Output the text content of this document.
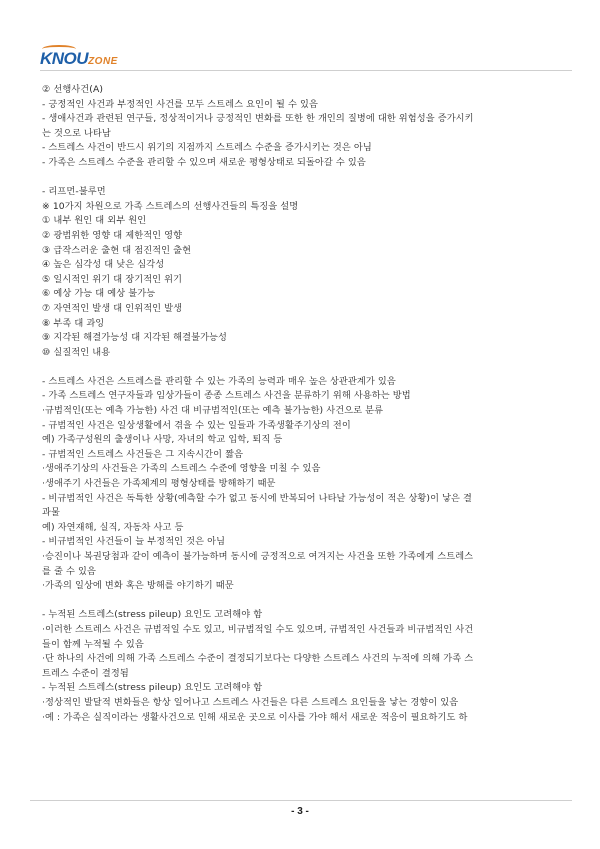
KNOUZONE
② 선행사건(A)
- 긍정적인 사건과 부정적인 사건를 모두 스트레스 요인이 될 수 있음
- 생애사건과 관련된 연구들, 정상적이거나 긍정적인 변화를 또한 한 개인의 질병에 대한 위험성을 증가시키
는 것으로 나타남
- 스트레스 사건이 반드시 위기의 지점까지 스트레스 수준을 증가시키는 것은 아님
- 가족은 스트레스 수준을 관리할 수 있으며 새로운 평형상태로 되돌아갈 수 있음
- 리프먼-불루먼
※ 10가지 차원으로 가족 스트레스의 선행사건들의 특징을 설명
① 내부 원인 대 외부 원인
② 광범위한 영향 대 제한적인 영향
③ 급작스러운 출현 대 점진적인 출현
④ 높은 심각성 대 낮은 심각성
⑤ 일시적인 위기 대 장기적인 위기
⑥ 예상 가능 대 예상 불가능
⑦ 자연적인 발생 대 인위적인 발생
⑧ 부족 대 과잉
⑨ 지각된 해결가능성 대 지각된 해결불가능성
⑩ 실질적인 내용
- 스트레스 사건은 스트레스를 관리할 수 있는 가족의 능력과 매우 높은 상관관계가 있음
- 가족 스트레스 연구자들과 임상가들이 종종 스트레스 사건을 분류하기 위해 사용하는 방법
·규범적인(또는 예측 가능한) 사건 대 비규범적인(또는 예측 불가능한) 사건으로 분류
- 규범적인 사건은 일상생활에서 겪을 수 있는 일들과 가족생활주기상의 전이
예) 가족구성원의 출생이나 사망, 자녀의 학교 입학, 퇴직 등
- 규범적인 스트레스 사건들은 그 지속시간이 짧음
·생애주기상의 사건들은 가족의 스트레스 수준에 영향을 미칠 수 있음
·생애주기 사건들은 가족체계의 평형상태를 방해하기 때문
- 비규범적인 사건은 독특한 상황(예측할 수가 없고 동시에 반복되어 나타날 가능성이 적은 상황)이 낳은 결
과물
예) 자연재해, 실직, 자동차 사고 등
- 비규범적인 사건들이 늘 부정적인 것은 아님
·승진이나 복권당첨과 같이 예측이 불가능하며 동시에 긍정적으로 여겨지는 사건을 또한 가족에게 스트레스
를 줄 수 있음
·가족의 일상에 변화 혹은 방해를 야기하기 때문
- 누적된 스트레스(stress pileup) 요인도 고려해야 함
·이러한 스트레스 사건은 규범적일 수도 있고, 비규범적일 수도 있으며, 규범적인 사건들과 비규범적인 사건
들이 함께 누적될 수 있음
·단 하나의 사건에 의해 가족 스트레스 수준이 결정되기보다는 다양한 스트레스 사건의 누적에 의해 가족 스
트레스 수준이 결정됨
- 누적된 스트레스(stress pileup) 요인도 고려해야 함
·정상적인 발달적 변화들은 항상 일어나고 스트레스 사건들은 다른 스트레스 요인들을 낳는 경향이 있음
·예 : 가족은 실직이라는 생활사건으로 인해 새로운 곳으로 이사를 가야 해서 새로운 적응이 필요하기도 하
- 3 -
